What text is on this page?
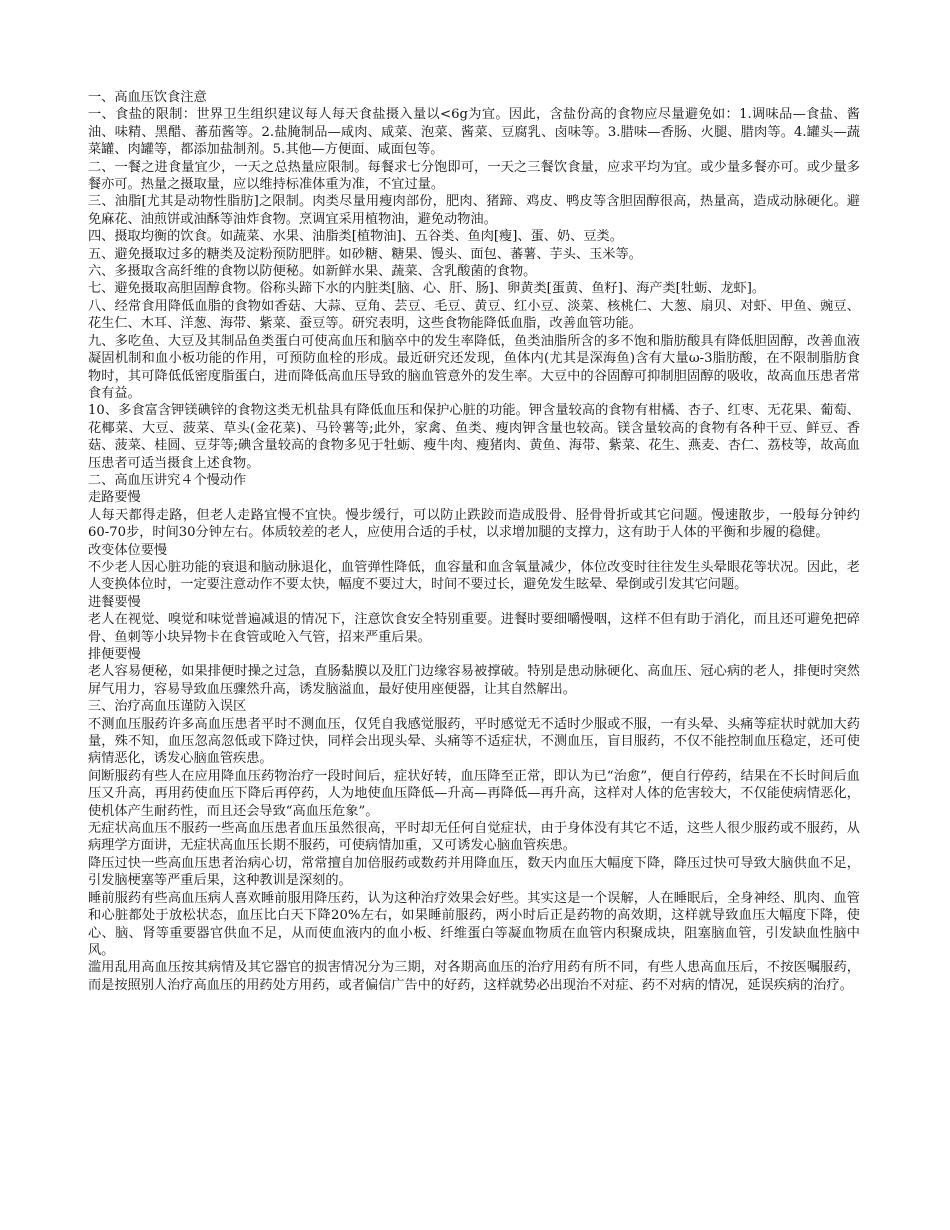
一、高血压饮食注意

一、食盐的限制：世界卫生组织建议每人每天食盐摄入量以<6g为宜。因此，含盐份高的食物应尽量避免如：1.调味品—食盐、酱油、味精、黑醋、蕃茄酱等。2.盐腌制品—咸肉、咸菜、泡菜、酱菜、豆腐乳、卤味等。3.腊味—香肠、火腿、腊肉等。4.罐头—蔬菜罐、肉罐等，都添加盐制剂。5.其他—方便面、咸面包等。

二、一餐之进食量宜少，一天之总热量应限制。每餐求七分饱即可，一天之三餐饮食量，应求平均为宜。或少量多餐亦可。或少量多餐亦可。热量之摄取量，应以维持标准体重为准，不宜过量。

三、油脂[尤其是动物性脂肪]之限制。肉类尽量用瘦肉部份，肥肉、猪蹄、鸡皮、鸭皮等含胆固醇很高，热量高，造成动脉硬化。避免麻花、油煎饼或油酥等油炸食物。烹调宜采用植物油，避免动物油。

四、摄取均衡的饮食。如蔬菜、水果、油脂类[植物油]、五谷类、鱼肉[瘦]、蛋、奶、豆类。

五、避免摄取过多的糖类及淀粉预防肥胖。如砂糖、糖果、馒头、面包、蕃薯、芋头、玉米等。

六、多摄取含高纤维的食物以防便秘。如新鲜水果、蔬菜、含乳酸菌的食物。

七、避免摄取高胆固醇食物。俗称头蹄下水的内脏类[脑、心、肝、肠]、卵黄类[蛋黄、鱼籽]、海产类[牡蛎、龙虾]。

八、经常食用降低血脂的食物如香菇、大蒜、豆角、芸豆、毛豆、黄豆、红小豆、淡菜、核桃仁、大葱、扇贝、对虾、甲鱼、豌豆、花生仁、木耳、洋葱、海带、紫菜、蚕豆等。研究表明，这些食物能降低血脂，改善血管功能。

九、多吃鱼、大豆及其制品鱼类蛋白可使高血压和脑卒中的发生率降低，鱼类油脂所含的多不饱和脂肪酸具有降低胆固醇，改善血液凝固机制和血小板功能的作用，可预防血栓的形成。最近研究还发现，鱼体内(尤其是深海鱼)含有大量ω-3脂肪酸，在不限制脂肪食物时，其可降低低密度脂蛋白，进而降低高血压导致的脑血管意外的发生率。大豆中的谷固醇可抑制胆固醇的吸收，故高血压患者常食有益。

10、多食富含钾镁碘锌的食物这类无机盐具有降低血压和保护心脏的功能。钾含量较高的食物有柑橘、杏子、红枣、无花果、葡萄、花椰菜、大豆、菠菜、草头(金花菜)、马铃薯等;此外，家禽、鱼类、瘦肉钾含量也较高。镁含量较高的食物有各种干豆、鲜豆、香菇、菠菜、桂圆、豆芽等;碘含量较高的食物多见于牡蛎、瘦牛肉、瘦猪肉、黄鱼、海带、紫菜、花生、燕麦、杏仁、荔枝等，故高血压患者可适当摄食上述食物。

二、高血压讲究４个慢动作

走路要慢

人每天都得走路，但老人走路宜慢不宜快。慢步缓行，可以防止跌跤而造成股骨、胫骨骨折或其它问题。慢速散步，一般每分钟约60-70步，时间30分钟左右。体质较差的老人，应使用合适的手杖，以求增加腿的支撑力，这有助于人体的平衡和步履的稳健。

改变体位要慢

不少老人因心脏功能的衰退和脑动脉退化，血管弹性降低，血容量和血含氧量减少，体位改变时往往发生头晕眼花等状况。因此，老人变换体位时，一定要注意动作不要太快，幅度不要过大，时间不要过长，避免发生眩晕、晕倒或引发其它问题。

进餐要慢

老人在视觉、嗅觉和味觉普遍减退的情况下，注意饮食安全特别重要。进餐时要细嚼慢咽，这样不但有助于消化，而且还可避免把碎骨、鱼刺等小块异物卡在食管或呛入气管，招来严重后果。

排便要慢

老人容易便秘，如果排便时操之过急，直肠黏膜以及肛门边缘容易被撑破。特别是患动脉硬化、高血压、冠心病的老人，排便时突然屏气用力，容易导致血压骤然升高，诱发脑溢血，最好使用座便器，让其自然解出。

三、治疗高血压谨防入误区

不测血压服药许多高血压患者平时不测血压，仅凭自我感觉服药，平时感觉无不适时少服或不服，一有头晕、头痛等症状时就加大药量，殊不知，血压忽高忽低或下降过快，同样会出现头晕、头痛等不适症状，不测血压，盲目服药，不仅不能控制血压稳定，还可使病情恶化，诱发心脑血管疾患。

间断服药有些人在应用降血压药物治疗一段时间后，症状好转，血压降至正常，即认为已“治愈”，便自行停药，结果在不长时间后血压又升高，再用药使血压下降后再停药，人为地使血压降低—升高—再降低—再升高，这样对人体的危害较大，不仅能使病情恶化，使机体产生耐药性，而且还会导致“高血压危象”。

无症状高血压不服药一些高血压患者血压虽然很高，平时却无任何自觉症状，由于身体没有其它不适，这些人很少服药或不服药，从病理学方面讲，无症状高血压长期不服药，可使病情加重，又可诱发心脑血管疾患。

降压过快一些高血压患者治病心切，常常擅自加倍服药或数药并用降血压，数天内血压大幅度下降，降压过快可导致大脑供血不足，引发脑梗塞等严重后果，这种教训是深刻的。

睡前服药有些高血压病人喜欢睡前服用降压药，认为这种治疗效果会好些。其实这是一个误解，人在睡眠后，全身神经、肌肉、血管和心脏都处于放松状态，血压比白天下降20%左右，如果睡前服药，两小时后正是药物的高效期，这样就导致血压大幅度下降，使心、脑、肾等重要器官供血不足，从而使血液内的血小板、纤维蛋白等凝血物质在血管内积聚成块，阻塞脑血管，引发缺血性脑中风。

滥用乱用高血压按其病情及其它器官的损害情况分为三期，对各期高血压的治疗用药有所不同，有些人患高血压后，不按医嘱服药，而是按照别人治疗高血压的用药处方用药，或者偏信广告中的好药，这样就势必出现治不对症、药不对病的情况，延误疾病的治疗。
